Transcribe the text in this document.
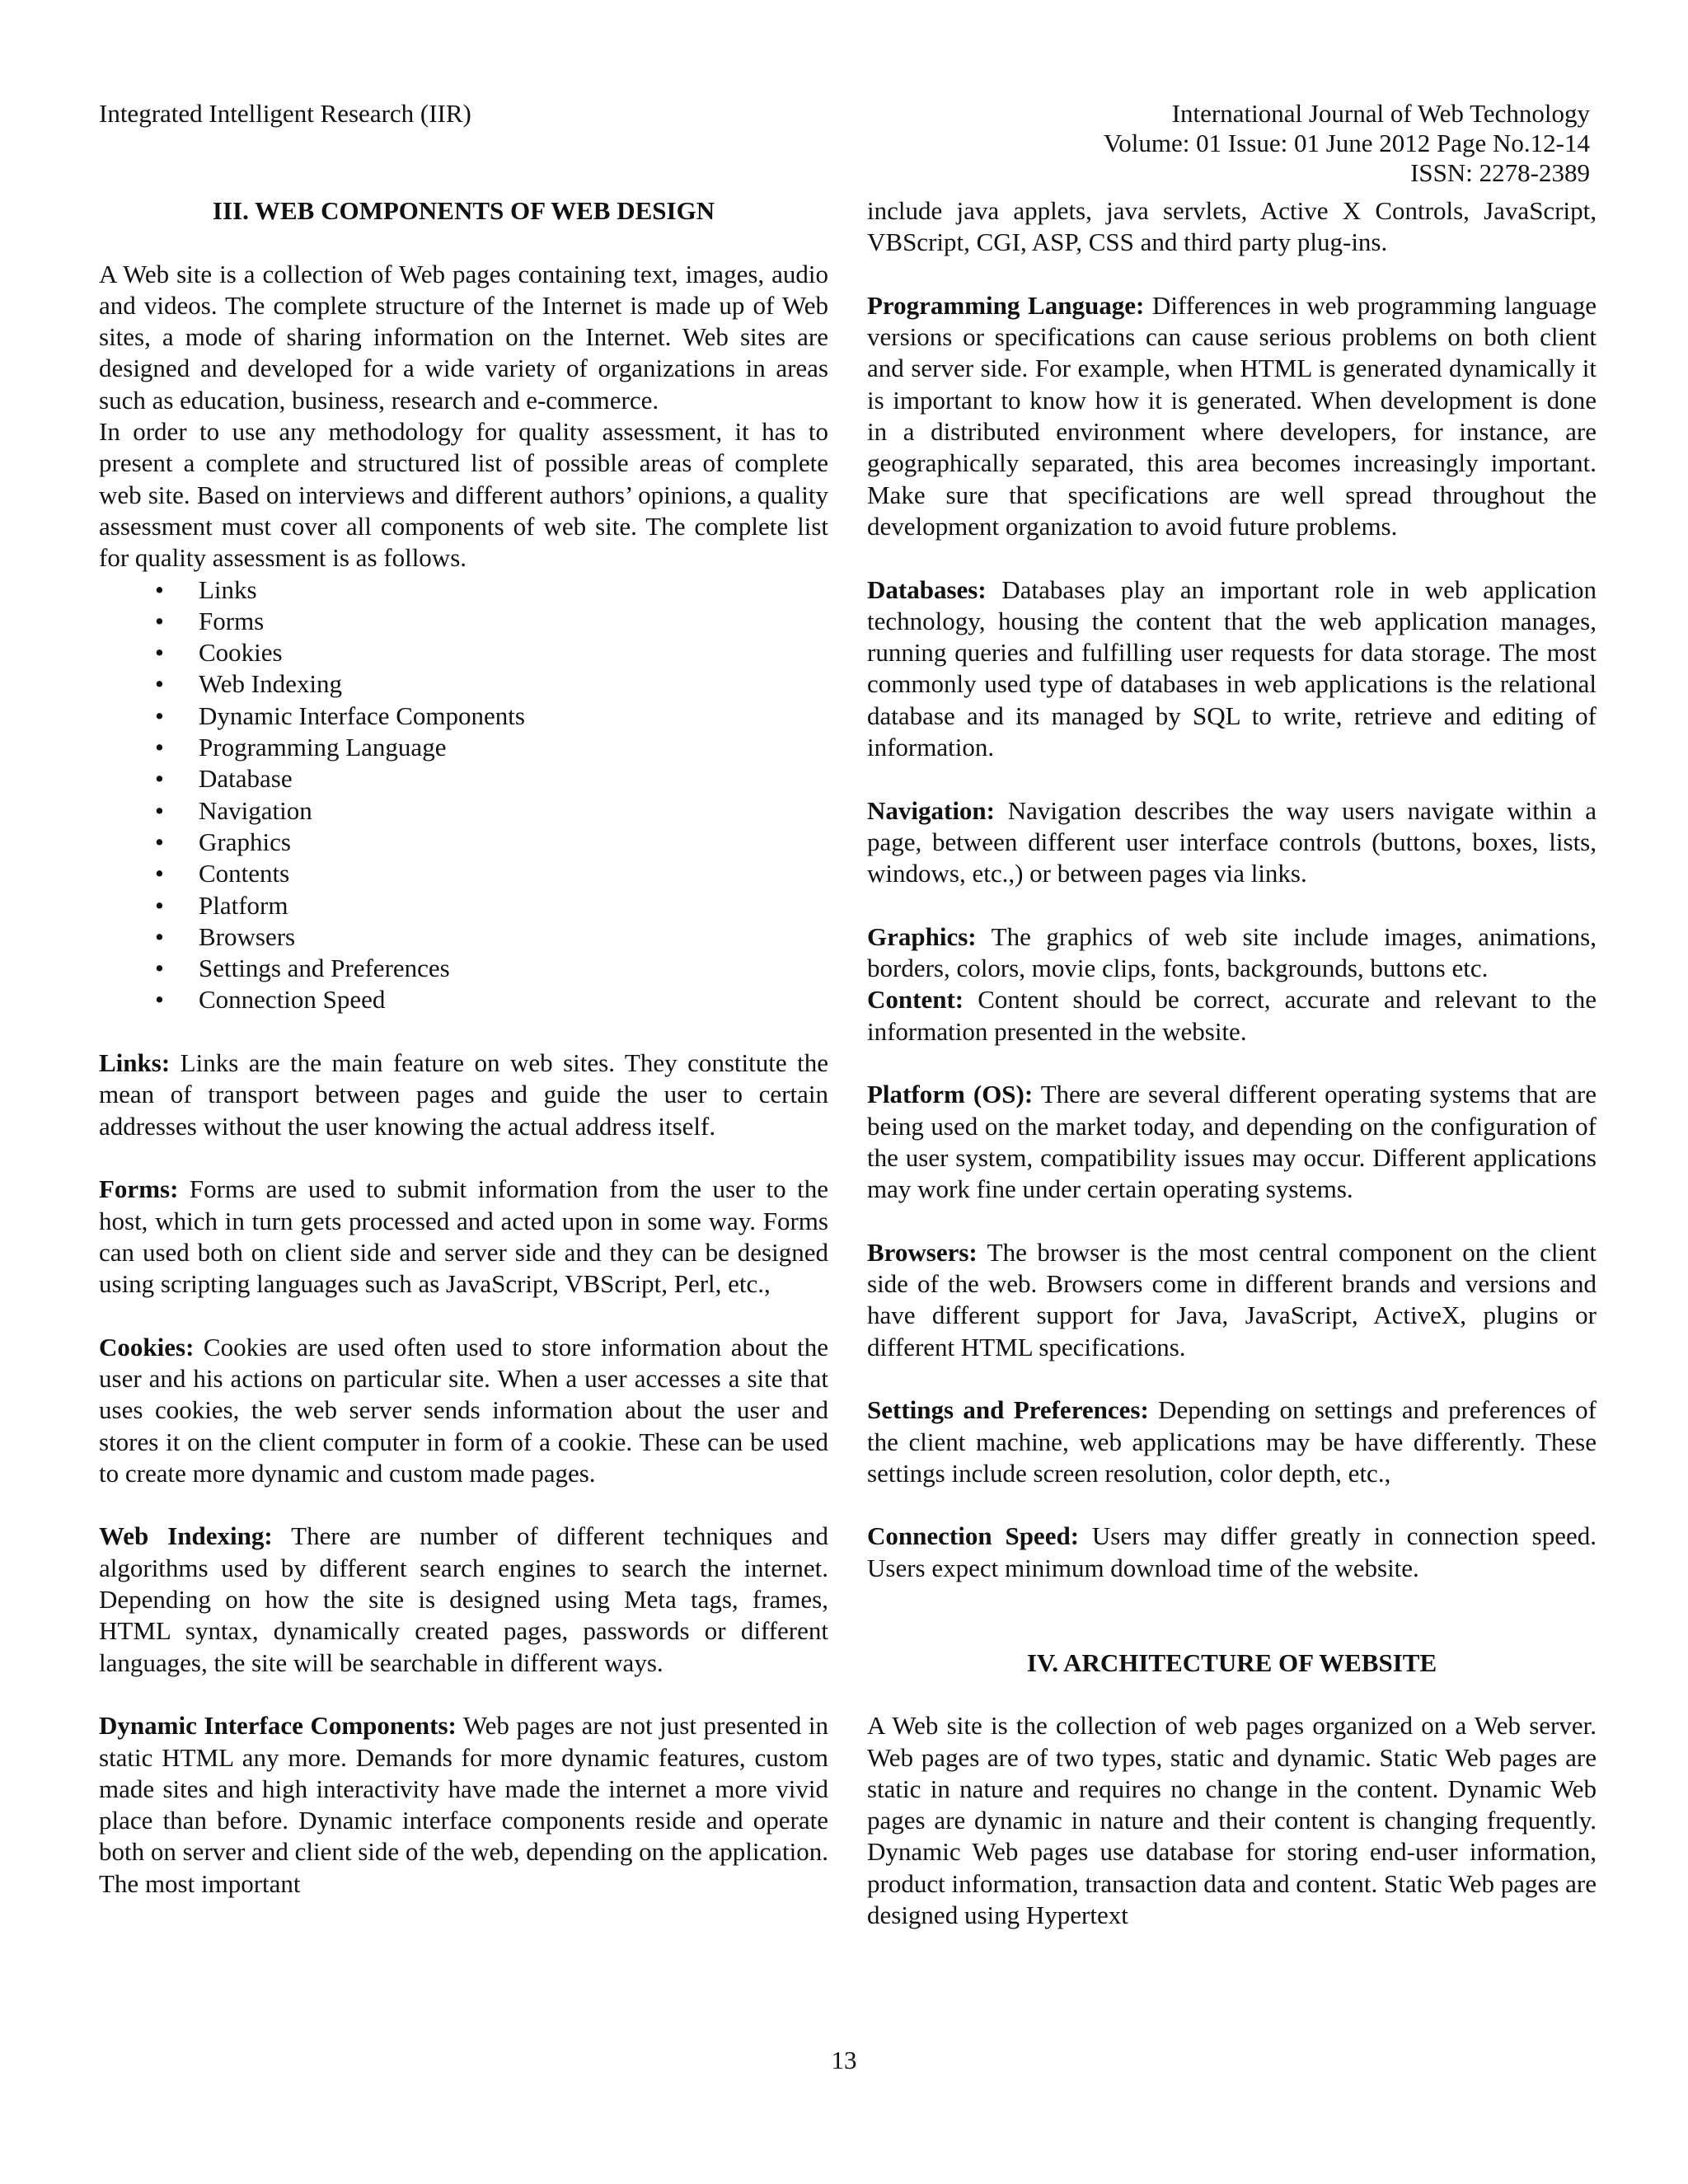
Integrated Intelligent Research (IIR)	International Journal of Web Technology
Volume: 01 Issue: 01 June 2012 Page No.12-14
ISSN: 2278-2389

III. WEB COMPONENTS OF WEB DESIGN

A Web site is a collection of Web pages containing text, images, audio and videos. The complete structure of the Internet is made up of Web sites, a mode of sharing information on the Internet. Web sites are designed and developed for a wide variety of organizations in areas such as education, business, research and e-commerce.

In order to use any methodology for quality assessment, it has to present a complete and structured list of possible areas of complete web site. Based on interviews and different authors’ opinions, a quality assessment must cover all components of web site. The complete list for quality assessment is as follows.

• Links
• Forms
• Cookies
• Web Indexing
• Dynamic Interface Components
• Programming Language
• Database
• Navigation
• Graphics
• Contents
• Platform
• Browsers
• Settings and Preferences
• Connection Speed

Links: Links are the main feature on web sites. They constitute the mean of transport between pages and guide the user to certain addresses without the user knowing the actual address itself.

Forms: Forms are used to submit information from the user to the host, which in turn gets processed and acted upon in some way. Forms can used both on client side and server side and they can be designed using scripting languages such as JavaScript, VBScript, Perl, etc.,

Cookies: Cookies are used often used to store information about the user and his actions on particular site. When a user accesses a site that uses cookies, the web server sends information about the user and stores it on the client computer in form of a cookie. These can be used to create more dynamic and custom made pages.

Web Indexing: There are number of different techniques and algorithms used by different search engines to search the internet. Depending on how the site is designed using Meta tags, frames, HTML syntax, dynamically created pages, passwords or different languages, the site will be searchable in different ways.

Dynamic Interface Components: Web pages are not just presented in static HTML any more. Demands for more dynamic features, custom made sites and high interactivity have made the internet a more vivid place than before. Dynamic interface components reside and operate both on server and client side of the web, depending on the application. The most important

include java applets, java servlets, Active X Controls, JavaScript, VBScript, CGI, ASP, CSS and third party plug-ins.

Programming Language: Differences in web programming language versions or specifications can cause serious problems on both client and server side. For example, when HTML is generated dynamically it is important to know how it is generated. When development is done in a distributed environment where developers, for instance, are geographically separated, this area becomes increasingly important. Make sure that specifications are well spread throughout the development organization to avoid future problems.

Databases: Databases play an important role in web application technology, housing the content that the web application manages, running queries and fulfilling user requests for data storage. The most commonly used type of databases in web applications is the relational database and its managed by SQL to write, retrieve and editing of information.

Navigation: Navigation describes the way users navigate within a page, between different user interface controls (buttons, boxes, lists, windows, etc.,) or between pages via links.

Graphics: The graphics of web site include images, animations, borders, colors, movie clips, fonts, backgrounds, buttons etc.

Content: Content should be correct, accurate and relevant to the information presented in the website.

Platform (OS): There are several different operating systems that are being used on the market today, and depending on the configuration of the user system, compatibility issues may occur. Different applications may work fine under certain operating systems.

Browsers: The browser is the most central component on the client side of the web. Browsers come in different brands and versions and have different support for Java, JavaScript, ActiveX, plugins or different HTML specifications.

Settings and Preferences: Depending on settings and preferences of the client machine, web applications may be have differently. These settings include screen resolution, color depth, etc.,

Connection Speed: Users may differ greatly in connection speed. Users expect minimum download time of the website.

IV. ARCHITECTURE OF WEBSITE

A Web site is the collection of web pages organized on a Web server. Web pages are of two types, static and dynamic. Static Web pages are static in nature and requires no change in the content. Dynamic Web pages are dynamic in nature and their content is changing frequently. Dynamic Web pages use database for storing end-user information, product information, transaction data and content. Static Web pages are designed using Hypertext

13
